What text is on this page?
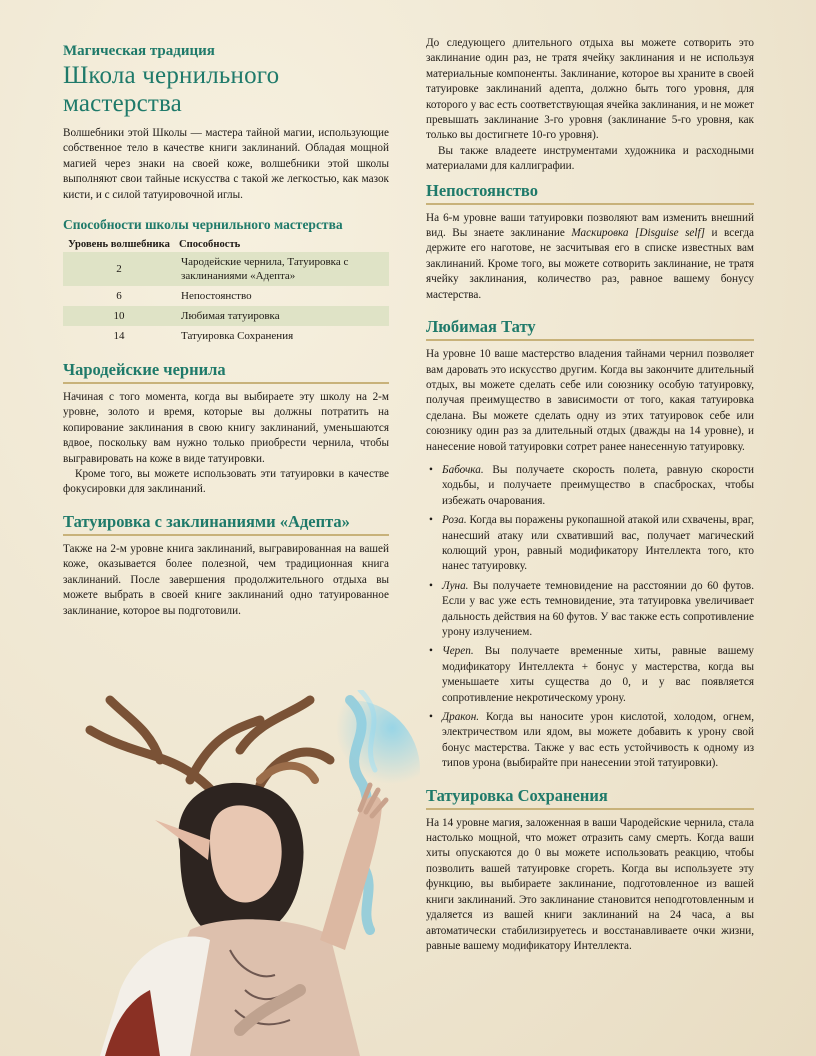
Магическая традиция
Школа чернильного мастерства

Волшебники этой Школы — мастера тайной магии, использующие собственное тело в качестве книги заклинаний. Обладая мощной магией через знаки на своей коже, волшебники этой школы выполняют свои тайные искусства с такой же легкостью, как мазок кисти, и с силой татуировочной иглы.

Способности школы чернильного мастерства
Уровень волшебника	Способность
2	Чародейские чернила, Татуировка с заклинаниями «Адепта»
6	Непостоянство
10	Любимая татуировка
14	Татуировка Сохранения
Чародейские чернила

Начиная с того момента, когда вы выбираете эту школу на 2-м уровне, золото и время, которые вы должны потратить на копирование заклинания в свою книгу заклинаний, уменьшаются вдвое, поскольку вам нужно только приобрести чернила, чтобы выгравировать на коже в виде татуировки.

Кроме того, вы можете использовать эти татуировки в качестве фокусировки для заклинаний.

Татуировка с заклинаниями «Адепта»

Также на 2-м уровне книга заклинаний, выгравированная на вашей коже, оказывается более полезной, чем традиционная книга заклинаний. После завершения продолжительного отдыха вы можете выбрать в своей книге заклинаний одно татуированное заклинание, которое вы подготовили.

До следующего длительного отдыха вы можете сотворить это заклинание один раз, не тратя ячейку заклинания и не используя материальные компоненты. Заклинание, которое вы храните в своей татуировке заклинаний адепта, должно быть того уровня, для которого у вас есть соответствующая ячейка заклинания, и не может превышать заклинание 3-го уровня (заклинание 5-го уровня, как только вы достигнете 10-го уровня).

Вы также владеете инструментами художника и расходными материалами для каллиграфии.

Непостоянство

На 6-м уровне ваши татуировки позволяют вам изменить внешний вид. Вы знаете заклинание Маскировка [Disguise self] и всегда держите его наготове, не засчитывая его в списке известных вам заклинаний. Кроме того, вы можете сотворить заклинание, не тратя ячейку заклинания, количество раз, равное вашему бонусу мастерства.

Любимая Тату

На уровне 10 ваше мастерство владения тайнами чернил позволяет вам даровать это искусство другим. Когда вы закончите длительный отдых, вы можете сделать себе или союзнику особую татуировку, получая преимущество в зависимости от того, какая татуировка сделана. Вы можете сделать одну из этих татуировок себе или союзнику один раз за длительный отдых (дважды на 14 уровне), и нанесение новой татуировки сотрет ранее нанесенную татуировку.

• Бабочка. Вы получаете скорость полета, равную скорости ходьбы, и получаете преимущество в спасбросках, чтобы избежать очарования.
• Роза. Когда вы поражены рукопашной атакой или схвачены, враг, нанесший атаку или схвативший вас, получает магический колющий урон, равный модификатору Интеллекта того, кто нанес татуировку.
• Луна. Вы получаете темновидение на расстоянии до 60 футов. Если у вас уже есть темновидение, эта татуировка увеличивает дальность действия на 60 футов. У вас также есть сопротивление урону излучением.
• Череп. Вы получаете временные хиты, равные вашему модификатору Интеллекта + бонус у мастерства, когда вы уменьшаете хиты существа до 0, и у вас появляется сопротивление некротическому урону.
• Дракон. Когда вы наносите урон кислотой, холодом, огнем, электричеством или ядом, вы можете добавить к урону свой бонус мастерства. Также у вас есть устойчивость к одному из типов урона (выбирайте при нанесении этой татуировки).
Татуировка Сохранения

На 14 уровне магия, заложенная в ваши Чародейские чернила, стала настолько мощной, что может отразить саму смерть. Когда ваши хиты опускаются до 0 вы можете использовать реакцию, чтобы позволить вашей татуировке сгореть. Когда вы используете эту функцию, вы выбираете заклинание, подготовленное из вашей книги заклинаний. Это заклинание становится неподготовленным и удаляется из вашей книги заклинаний на 24 часа, а вы автоматически стабилизируетесь и восстанавливаете очки жизни, равные вашему модификатору Интеллекта.
